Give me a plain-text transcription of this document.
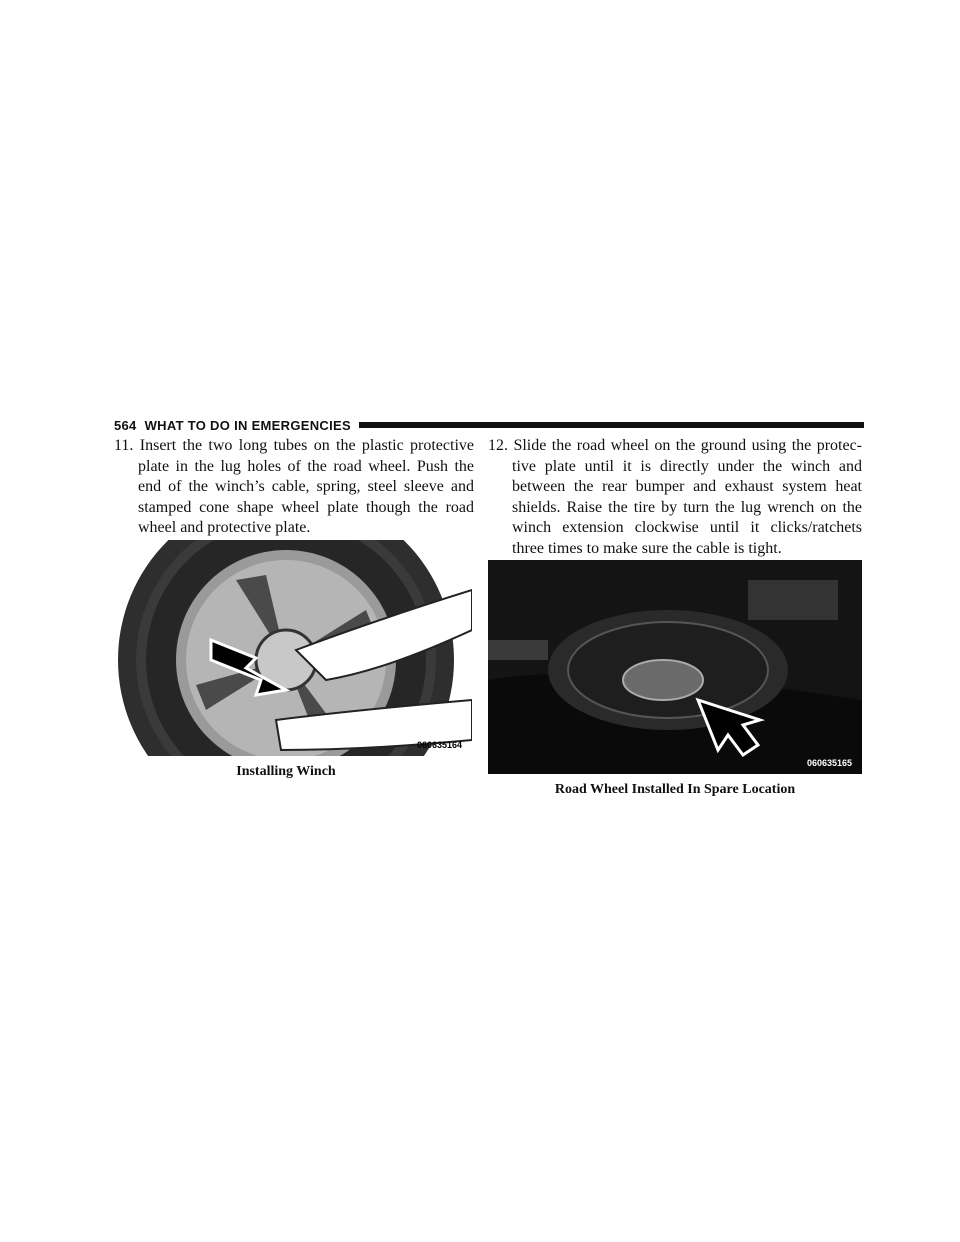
564 WHAT TO DO IN EMERGENCIES
11. Insert the two long tubes on the plastic protective plate in the lug holes of the road wheel. Push the end of the winch’s cable, spring, steel sleeve and stamped cone shape wheel plate though the road wheel and protective plate.
12. Slide the road wheel on the ground using the protec-tive plate until it is directly under the winch and between the rear bumper and exhaust system heat shields. Raise the tire by turn the lug wrench on the winch extension clockwise until it clicks/ratchets three times to make sure the cable is tight.
060635164
Installing Winch
060635165
Road Wheel Installed In Spare Location
